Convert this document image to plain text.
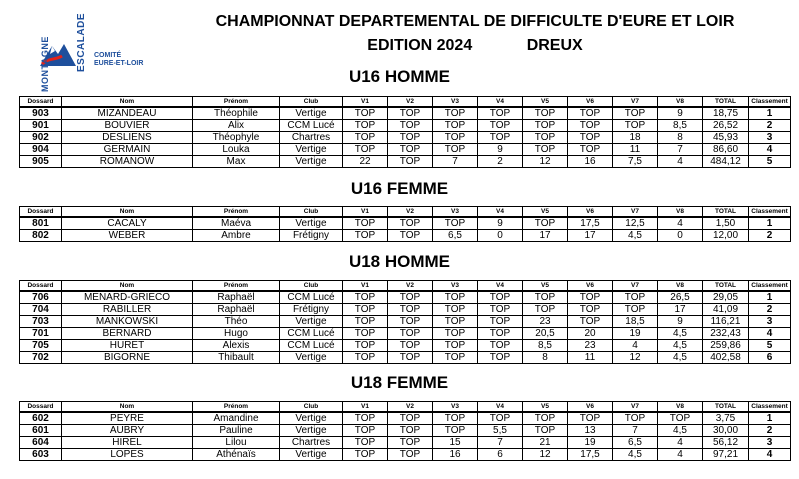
MONTAGNE	ESCALADE COMITÉ
EURE-ET-LOIR
CHAMPIONNAT DEPARTEMENTAL DE DIFFICULTE D'EURE ET LOIR
EDITION 2024	DREUX
U16 HOMME
Dossard	Nom	Prénom	Club	V1	V2	V3	V4	V5	V6	V7	V8	TOTAL	Classement
903	MIZANDEAU	Théophile	Vertige	TOP	TOP	TOP	TOP	TOP	TOP	TOP	9	18,75	1
901	BOUVIER	Alix	CCM Lucé	TOP	TOP	TOP	TOP	TOP	TOP	TOP	8,5	26,52	2
902	DESLIENS	Théophyle	Chartres	TOP	TOP	TOP	TOP	TOP	TOP	18	8	45,93	3
904	GERMAIN	Louka	Vertige	TOP	TOP	TOP	9	TOP	TOP	11	7	86,60	4
905	ROMANOW	Max	Vertige	22	TOP	7	2	12	16	7,5	4	484,12	5
U16 FEMME
Dossard	Nom	Prénom	Club	V1	V2	V3	V4	V5	V6	V7	V8	TOTAL	Classement
801	CACALY	Maéva	Vertige	TOP	TOP	TOP	9	TOP	17,5	12,5	4	1,50	1
802	WEBER	Ambre	Frétigny	TOP	TOP	6,5	0	17	17	4,5	0	12,00	2
U18 HOMME
Dossard	Nom	Prénom	Club	V1	V2	V3	V4	V5	V6	V7	V8	TOTAL	Classement
706	MENARD-GRIECO	Raphaël	CCM Lucé	TOP	TOP	TOP	TOP	TOP	TOP	TOP	26,5	29,05	1
704	RABILLER	Raphaël	Frétigny	TOP	TOP	TOP	TOP	TOP	TOP	TOP	17	41,09	2
703	MANKOWSKI	Théo	Vertige	TOP	TOP	TOP	TOP	23	TOP	18,5	9	116,21	3
701	BERNARD	Hugo	CCM Lucé	TOP	TOP	TOP	TOP	20,5	20	19	4,5	232,43	4
705	HURET	Alexis	CCM Lucé	TOP	TOP	TOP	TOP	8,5	23	4	4,5	259,86	5
702	BIGORNE	Thibault	Vertige	TOP	TOP	TOP	TOP	8	11	12	4,5	402,58	6
U18 FEMME
Dossard	Nom	Prénom	Club	V1	V2	V3	V4	V5	V6	V7	V8	TOTAL	Classement
602	PEYRE	Amandine	Vertige	TOP	TOP	TOP	TOP	TOP	TOP	TOP	TOP	3,75	1
601	AUBRY	Pauline	Vertige	TOP	TOP	TOP	5,5	TOP	13	7	4,5	30,00	2
604	HIREL	Lilou	Chartres	TOP	TOP	15	7	21	19	6,5	4	56,12	3
603	LOPES	Athénaïs	Vertige	TOP	TOP	16	6	12	17,5	4,5	4	97,21	4
